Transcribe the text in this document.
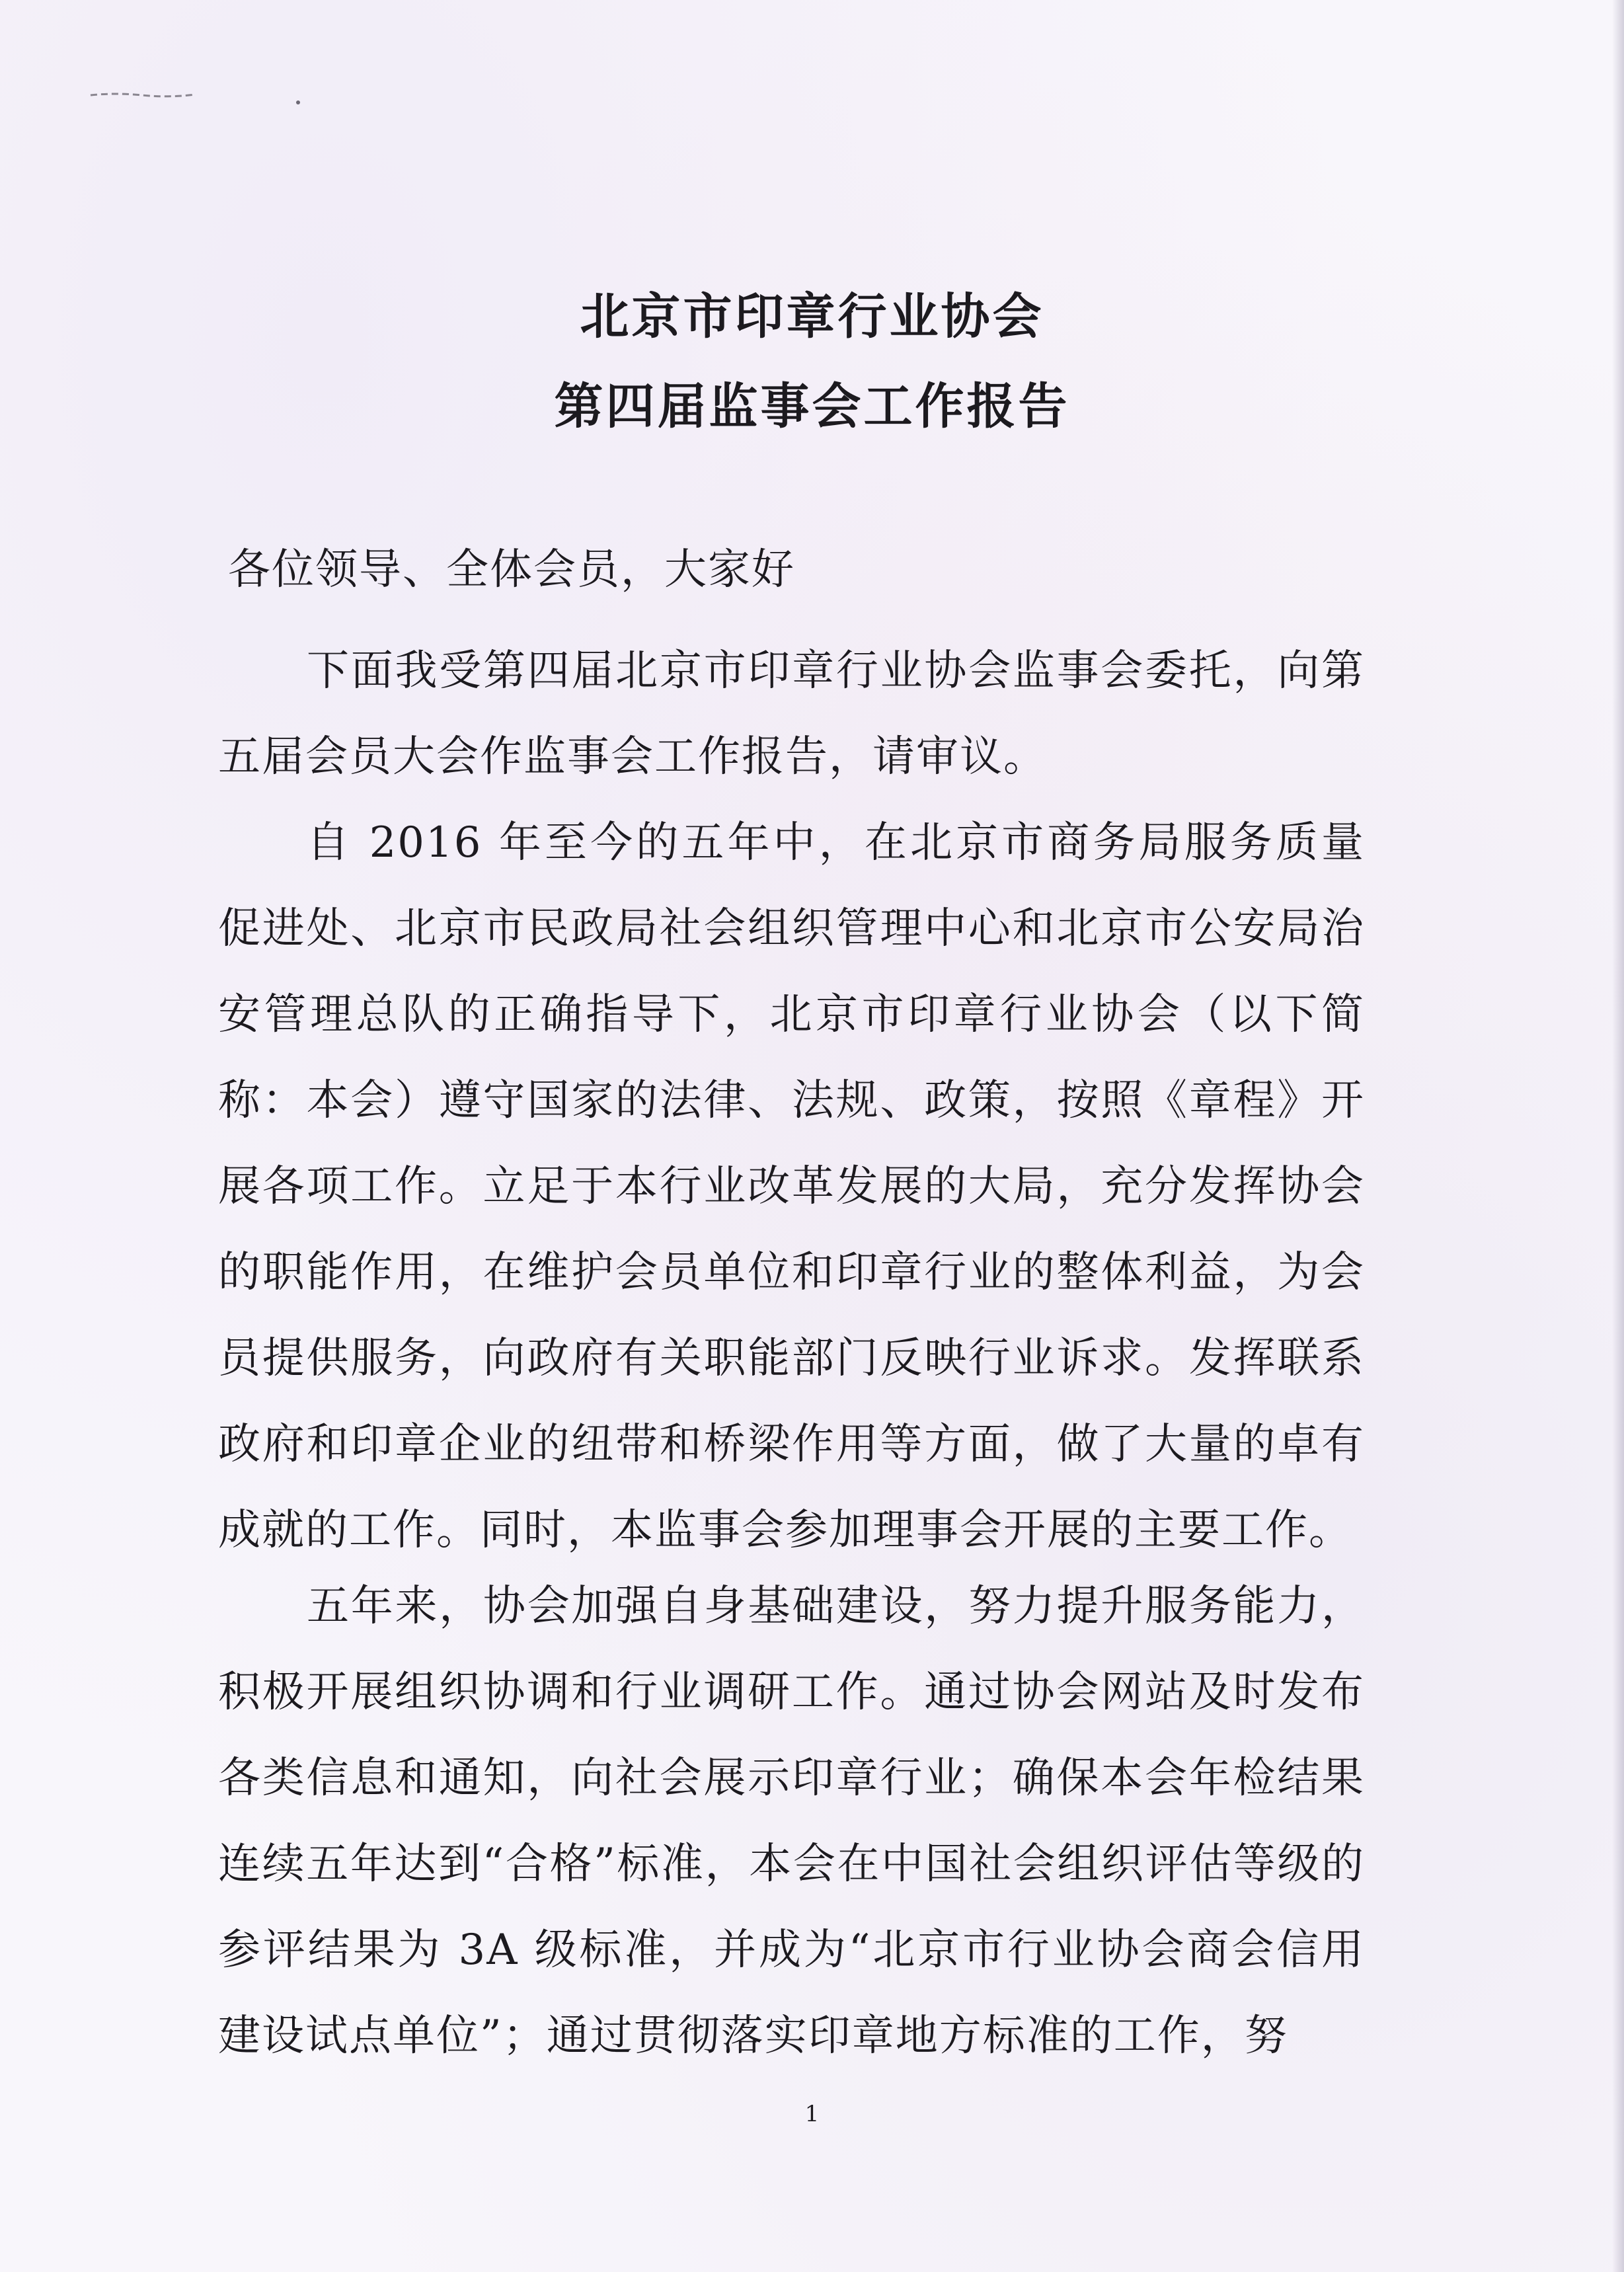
北京市印章行业协会
第四届监事会工作报告

各位领导、全体会员，大家好

下面我受第四届北京市印章行业协会监事会委托，向第五届会员大会作监事会工作报告，请审议。

自 2016 年至今的五年中，在北京市商务局服务质量促进处、北京市民政局社会组织管理中心和北京市公安局治安管理总队的正确指导下，北京市印章行业协会（以下简称：本会）遵守国家的法律、法规、政策，按照《章程》开展各项工作。立足于本行业改革发展的大局，充分发挥协会的职能作用，在维护会员单位和印章行业的整体利益，为会员提供服务，向政府有关职能部门反映行业诉求。发挥联系政府和印章企业的纽带和桥梁作用等方面，做了大量的卓有成就的工作。同时，本监事会参加理事会开展的主要工作。

五年来，协会加强自身基础建设，努力提升服务能力，积极开展组织协调和行业调研工作。通过协会网站及时发布各类信息和通知，向社会展示印章行业；确保本会年检结果连续五年达到“合格”标准，本会在中国社会组织评估等级的参评结果为 3A 级标准，并成为“北京市行业协会商会信用建设试点单位”；通过贯彻落实印章地方标准的工作，努

1
